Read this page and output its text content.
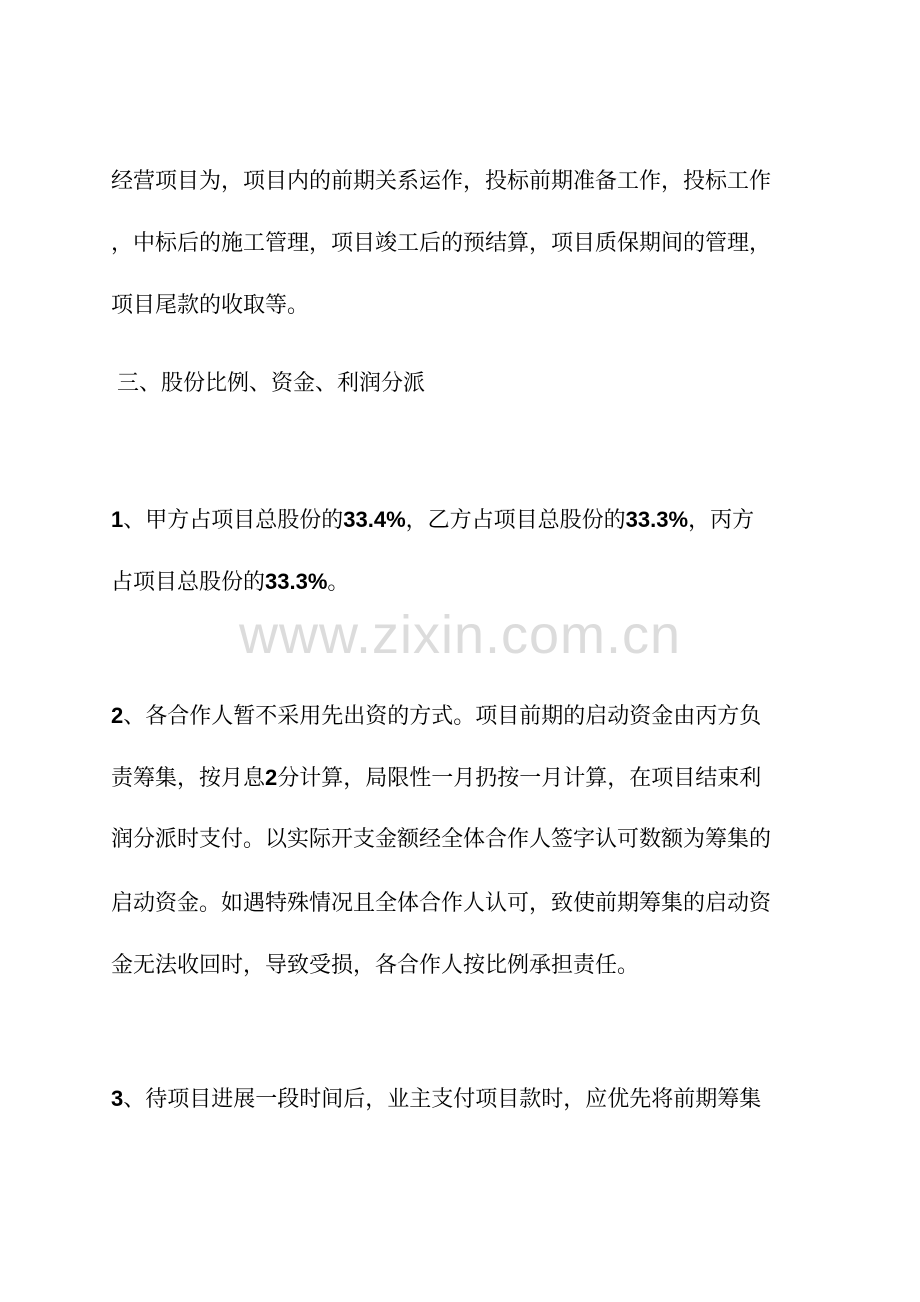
www.zixin.com.cn

经营项目为，项目内的前期关系运作，投标前期准备工作，投标工作

，中标后的施工管理，项目竣工后的预结算，项目质保期间的管理，

项目尾款的收取等。

三、股份比例、资金、利润分派

1、甲方占项目总股份的33.4%，乙方占项目总股份的33.3%，丙方

占项目总股份的33.3%。

2、各合作人暂不采用先出资的方式。项目前期的启动资金由丙方负

责筹集，按月息2分计算，局限性一月扔按一月计算，在项目结束利

润分派时支付。以实际开支金额经全体合作人签字认可数额为筹集的

启动资金。如遇特殊情况且全体合作人认可，致使前期筹集的启动资

金无法收回时，导致受损，各合作人按比例承担责任。

3、待项目进展一段时间后，业主支付项目款时，应优先将前期筹集
